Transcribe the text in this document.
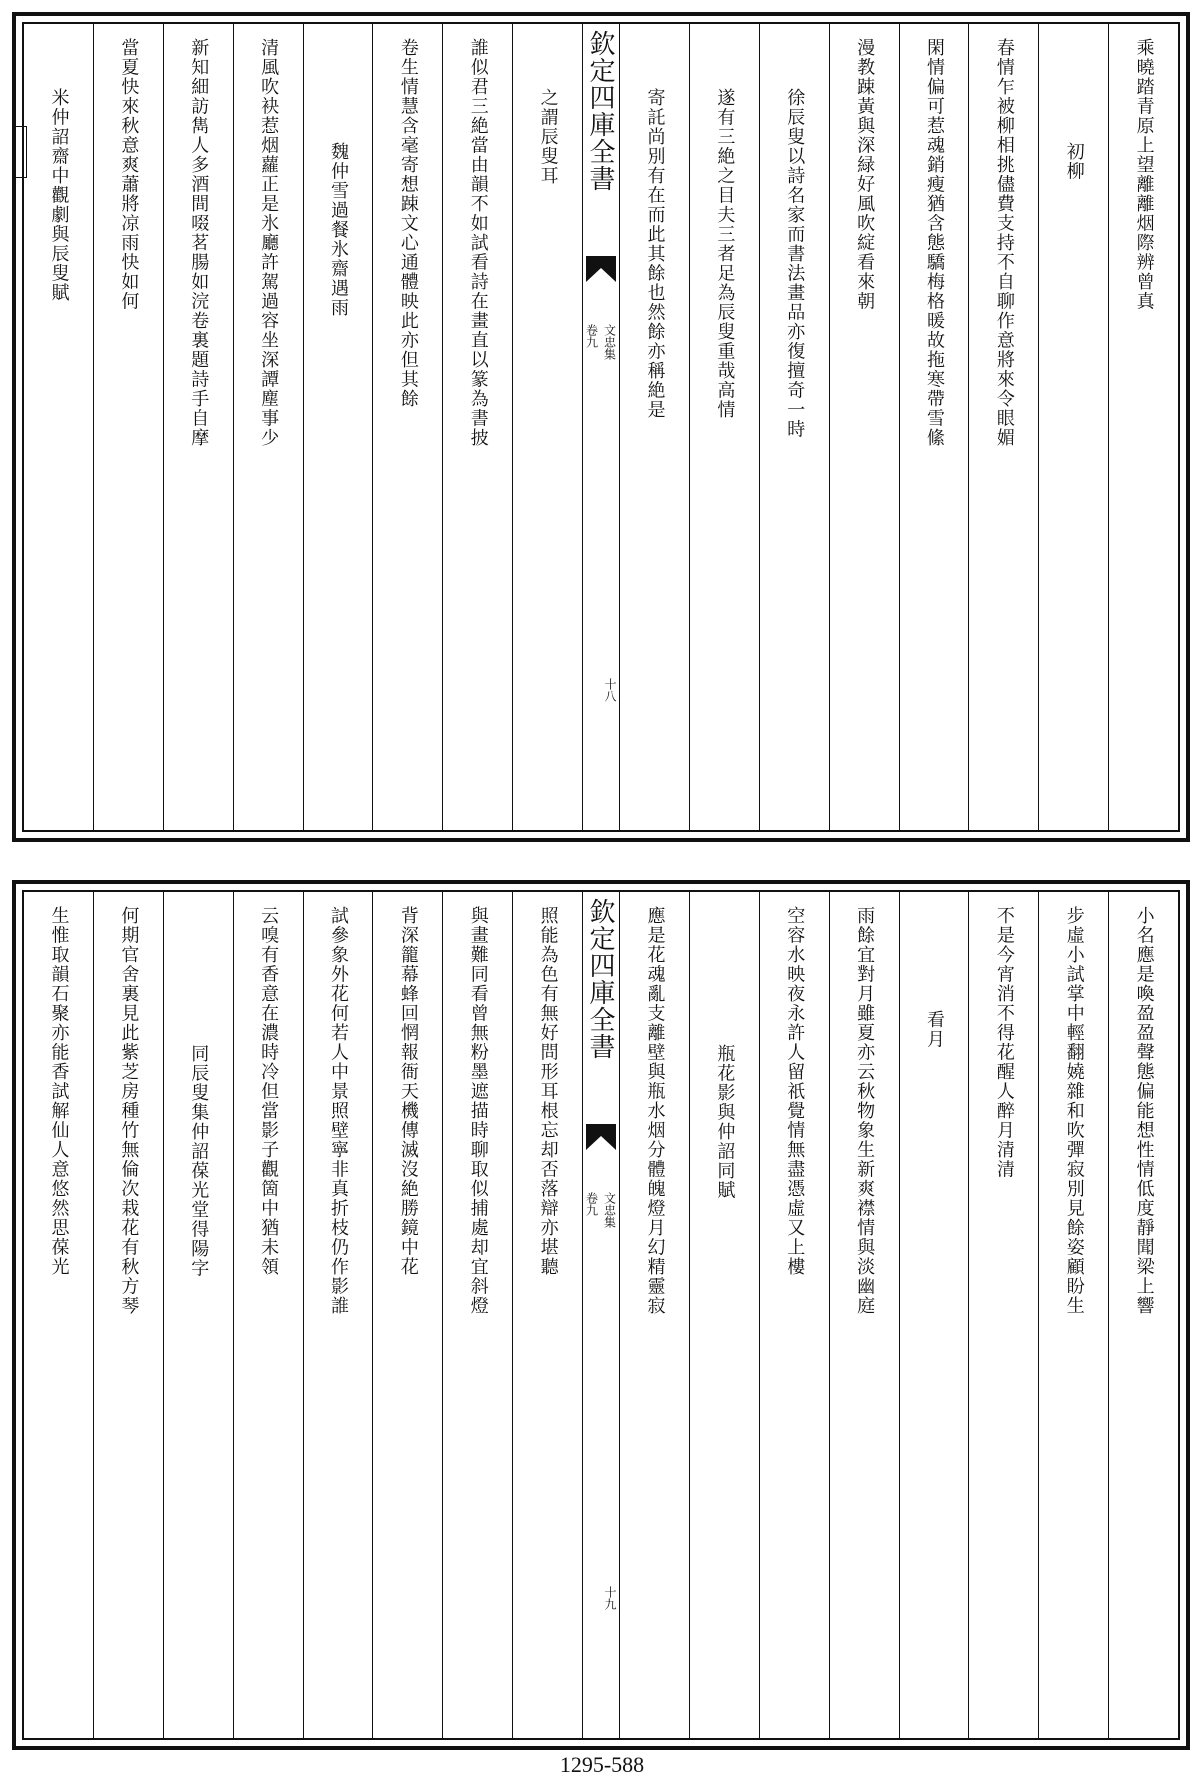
乘曉踏青原上望離離烟際辨曾真
初柳
春情乍被柳相挑儘費支持不自聊作意將來令眼媚
閑情偏可惹魂銷瘦猶含態驕梅格暖故拖寒帶雪絛
漫教踈黃與深緑好風吹綻看來朝
徐辰叟以詩名家而書法畫品亦復擅奇一時
遂有三絶之目夫三者足為辰叟重哉高情
寄託尚別有在而此其餘也然餘亦稱絶是
欽定四庫全書
文忠集
卷九
十八
之謂辰叟耳
誰似君三絶當由韻不如試看詩在畫直以篆為書披
卷生情慧含毫寄想踈文心通體映此亦但其餘
魏仲雪過餐氷齋遇雨
清風吹袂惹烟蘿正是氷廳許駕過容坐深譚塵事少
新知細訪雋人多酒間啜茗腸如浣卷裏題詩手自摩
當夏快來秋意爽蕭將凉雨快如何
米仲詔齋中觀劇與辰叟賦
小名應是喚盈盈聲態偏能想性情低度靜聞梁上響
步虛小試掌中輕翻嬈雜和吹彈寂別見餘姿顧盼生
不是今宵消不得花醒人醉月清清
看月
雨餘宜對月雖夏亦云秋物象生新爽襟情與淡幽庭
空容水映夜永許人留祇覺情無盡憑虛又上樓
瓶花影與仲詔同賦
應是花魂亂支離壁與瓶水烟分體魄燈月幻精靈寂
欽定四庫全書
文忠集
卷九
十九
照能為色有無好問形耳根忘却否落辯亦堪聽
與畫難同看曾無粉墨遮描時聊取似捕處却宜斜燈
背深籠幕蜂回惘報衙天機傳滅沒絶勝鏡中花
試參象外花何若人中景照壁寧非真折枝仍作影誰
云嗅有香意在濃時冷但當影子觀箇中猶未領
同辰叟集仲詔葆光堂得陽字
何期官舍裏見此紫芝房種竹無倫次栽花有秋方琴
生惟取韻石聚亦能香試解仙人意悠然思葆光
1295-588
